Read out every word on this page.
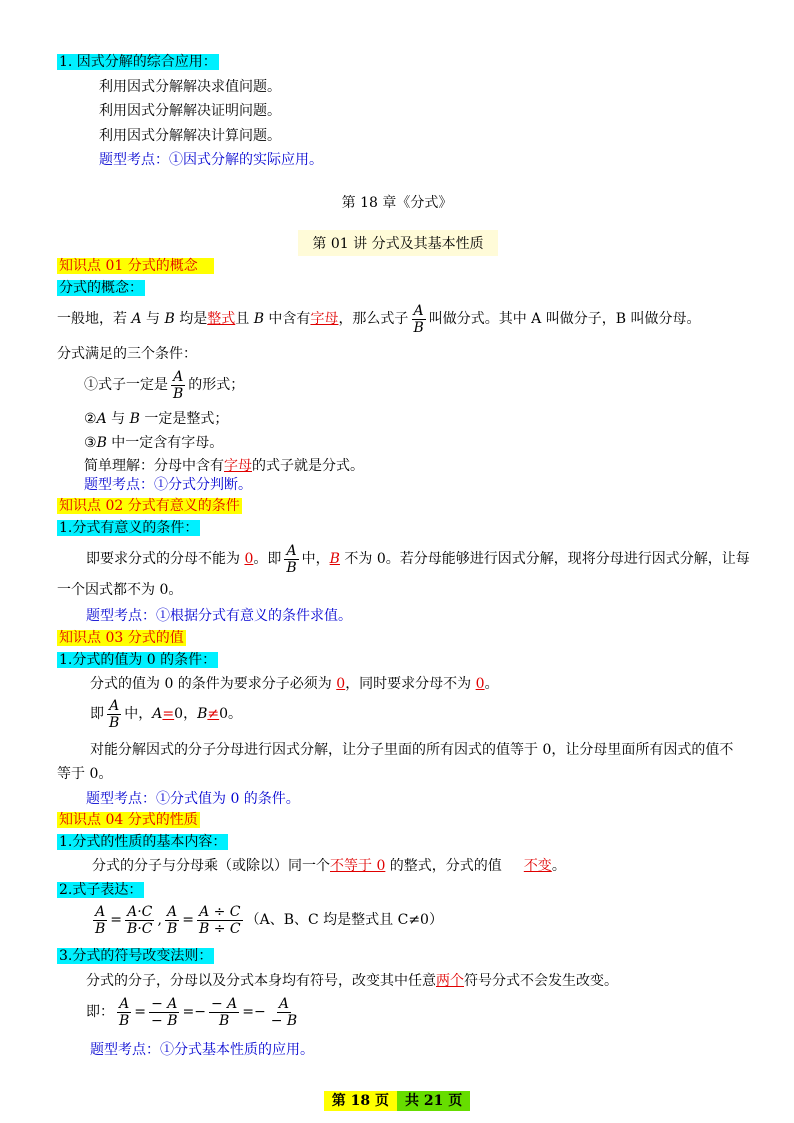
1. 因式分解的综合应用：
利用因式分解解决求值问题。
利用因式分解解决证明问题。
利用因式分解解决计算问题。
题型考点：①因式分解的实际应用。
第 18 章《分式》
第 01 讲 分式及其基本性质
知识点 01 分式的概念
分式的概念：
一般地，若 A 与 B 均是整式且 B 中含有字母，那么式子 $\frac{A}{B}$ 叫做分式。其中 A 叫做分子，B 叫做分母。
分式满足的三个条件：
①式子一定是 $\frac{A}{B}$ 的形式；
②A 与 B 一定是整式；
③B 中一定含有字母。
简单理解：分母中含有字母的式子就是分式。
题型考点：①分式分判断。
知识点 02 分式有意义的条件
1.分式有意义的条件：
即要求分式的分母不能为 0。即 $\frac{A}{B}$ 中，B 不为 0。若分母能够进行因式分解，现将分母进行因式分解，让每
一个因式都不为 0。
题型考点：①根据分式有意义的条件求值。
知识点 03 分式的值
1.分式的值为 0 的条件：
分式的值为 0 的条件为要求分子必须为 0，同时要求分母不为 0。
即 $\frac{A}{B}$ 中，A=0，B≠0。
对能分解因式的分子分母进行因式分解，让分子里面的所有因式的值等于 0，让分母里面所有因式的值不
等于 0。
题型考点：①分式值为 0 的条件。
知识点 04 分式的性质
1.分式的性质的基本内容：
分式的分子与分母乘（或除以）同一个不等于 0 的整式，分式的值 不变。
2.式子表达：
$\frac{A}{B} = \frac{A\cdot C}{B\cdot C}$ , $\frac{A}{B} = \frac{A \div C}{B \div C} (A$、B、C 均是整式且 C≠0）
3.分式的符号改变法则：
分式的分子，分母以及分式本身均有符号，改变其中任意两个符号分式不会发生改变。
即： $\frac{A}{B} = \frac{- A}{- B} =- \frac{- A}{B} =- \frac{A}{- B}$
题型考点：①分式基本性质的应用。
第 18 页 共 21 页
